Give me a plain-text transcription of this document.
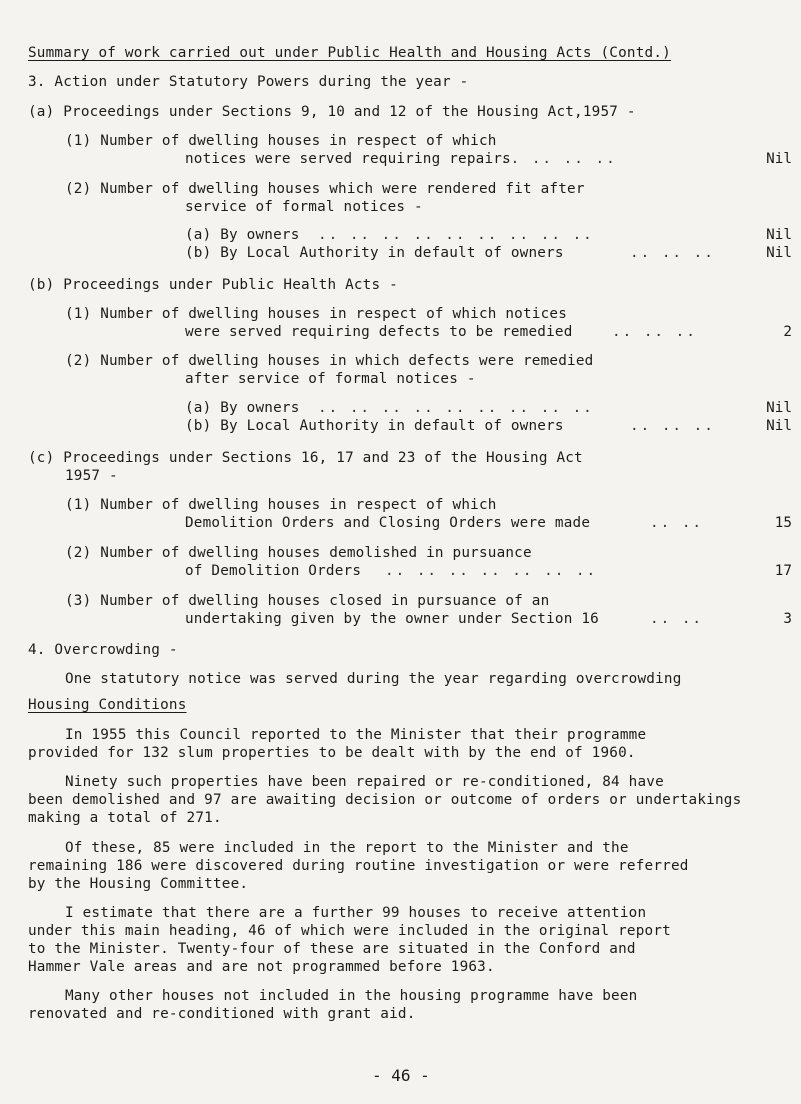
Summary of work carried out under Public Health and Housing Acts (Contd.)
3. Action under Statutory Powers during the year -
(a) Proceedings under Sections 9, 10 and 12 of the Housing Act,1957 -
(1) Number of dwelling houses in respect of which
notices were served requiring repairs
.. .. .. ..	Nil
(2) Number of dwelling houses which were rendered fit after
service of formal notices -
(a) By owners .. .. .. .. .. .. .. .. ..	Nil
(b) By Local Authority in default of owners	.. .. ..	Nil
(b) Proceedings under Public Health Acts -
(1) Number of dwelling houses in respect of which notices
were served requiring defects to be remedied	.. .. ..	2
(2) Number of dwelling houses in which defects were remedied
after service of formal notices -
(a) By owners .. .. .. .. .. .. .. .. ..	Nil
(b) By Local Authority in default of owners	.. .. ..	Nil
(c) Proceedings under Sections 16, 17 and 23 of the Housing Act
1957 -
(1) Number of dwelling houses in respect of which
Demolition Orders and Closing Orders were made	.. ..	15
(2) Number of dwelling houses demolished in pursuance
of Demolition Orders .. .. .. .. .. .. ..	17
(3) Number of dwelling houses closed in pursuance of an
undertaking given by the owner under Section 16	.. ..	3
4. Overcrowding -
One statutory notice was served during the year regarding overcrowding
Housing Conditions
In 1955 this Council reported to the Minister that their programme
provided for 132 slum properties to be dealt with by the end of 1960.
Ninety such properties have been repaired or re-conditioned, 84 have
been demolished and 97 are awaiting decision or outcome of orders or undertakings
making a total of 271.
Of these, 85 were included in the report to the Minister and the
remaining 186 were discovered during routine investigation or were referred
by the Housing Committee.
I estimate that there are a further 99 houses to receive attention
under this main heading, 46 of which were included in the original report
to the Minister. Twenty-four of these are situated in the Conford and
Hammer Vale areas and are not programmed before 1963.
Many other houses not included in the housing programme have been
renovated and re-conditioned with grant aid.
- 46 -
